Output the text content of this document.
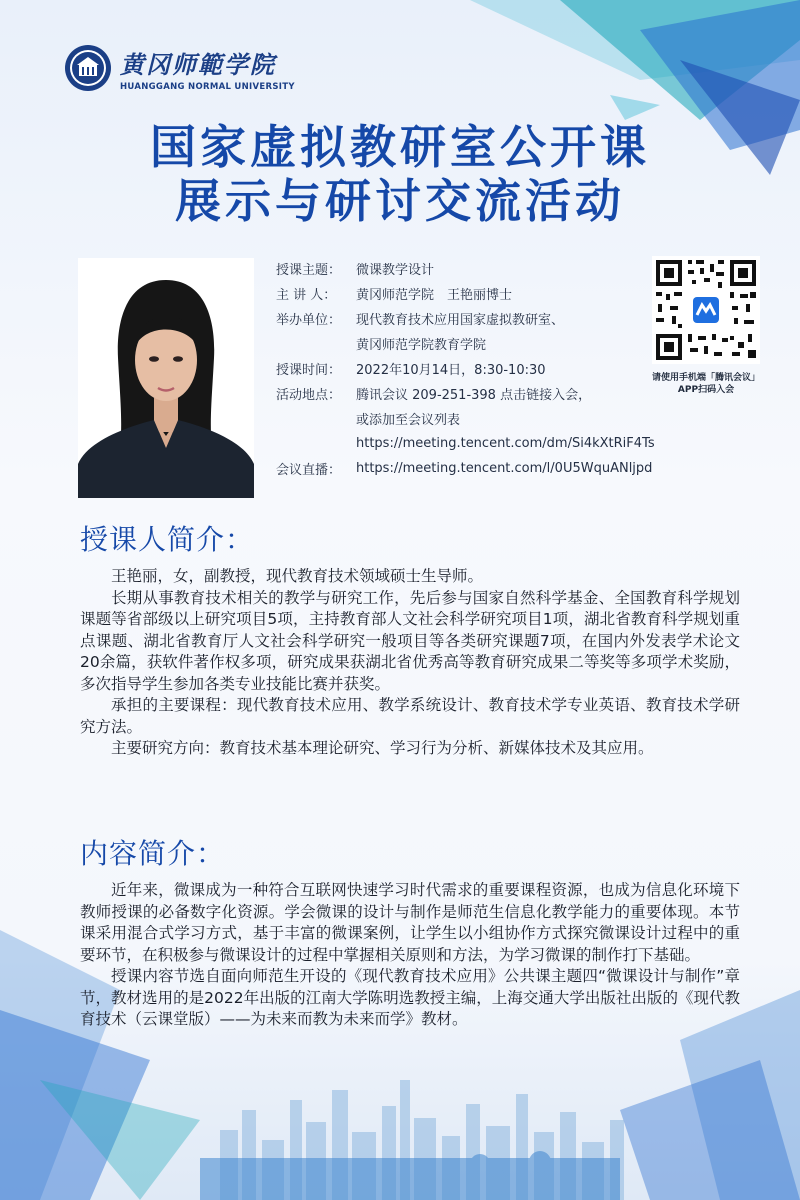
黄冈师範学院
HUANGGANG NORMAL UNIVERSITY
国家虚拟教研室公开课
展示与研讨交流活动
授课主题：	微课教学设计
主 讲 人：	黄冈师范学院　王艳丽博士
举办单位：	现代教育技术应用国家虚拟教研室、
黄冈师范学院教育学院
授课时间：	2022年10月14日，8:30-10:30
活动地点：	腾讯会议 209-251-398 点击链接入会，
或添加至会议列表
https://meeting.tencent.com/dm/Si4kXtRiF4Ts
会议直播：	https://meeting.tencent.com/l/0U5WquANljpd
请使用手机端「腾讯会议」
APP扫码入会
授课人简介：

王艳丽，女，副教授，现代教育技术领域硕士生导师。

长期从事教育技术相关的教学与研究工作，先后参与国家自然科学基金、全国教育科学规划课题等省部级以上研究项目5项，主持教育部人文社会科学研究项目1项，湖北省教育科学规划重点课题、湖北省教育厅人文社会科学研究一般项目等各类研究课题7项，在国内外发表学术论文20余篇，获软件著作权多项，研究成果获湖北省优秀高等教育研究成果二等奖等多项学术奖励，多次指导学生参加各类专业技能比赛并获奖。

承担的主要课程：现代教育技术应用、教学系统设计、教育技术学专业英语、教育技术学研究方法。

主要研究方向：教育技术基本理论研究、学习行为分析、新媒体技术及其应用。

内容简介：

近年来，微课成为一种符合互联网快速学习时代需求的重要课程资源，也成为信息化环境下教师授课的必备数字化资源。学会微课的设计与制作是师范生信息化教学能力的重要体现。本节课采用混合式学习方式，基于丰富的微课案例，让学生以小组协作方式探究微课设计过程中的重要环节，在积极参与微课设计的过程中掌握相关原则和方法，为学习微课的制作打下基础。

授课内容节选自面向师范生开设的《现代教育技术应用》公共课主题四“微课设计与制作”章节，教材选用的是2022年出版的江南大学陈明选教授主编，上海交通大学出版社出版的《现代教育技术（云课堂版）——为未来而教为未来而学》教材。
